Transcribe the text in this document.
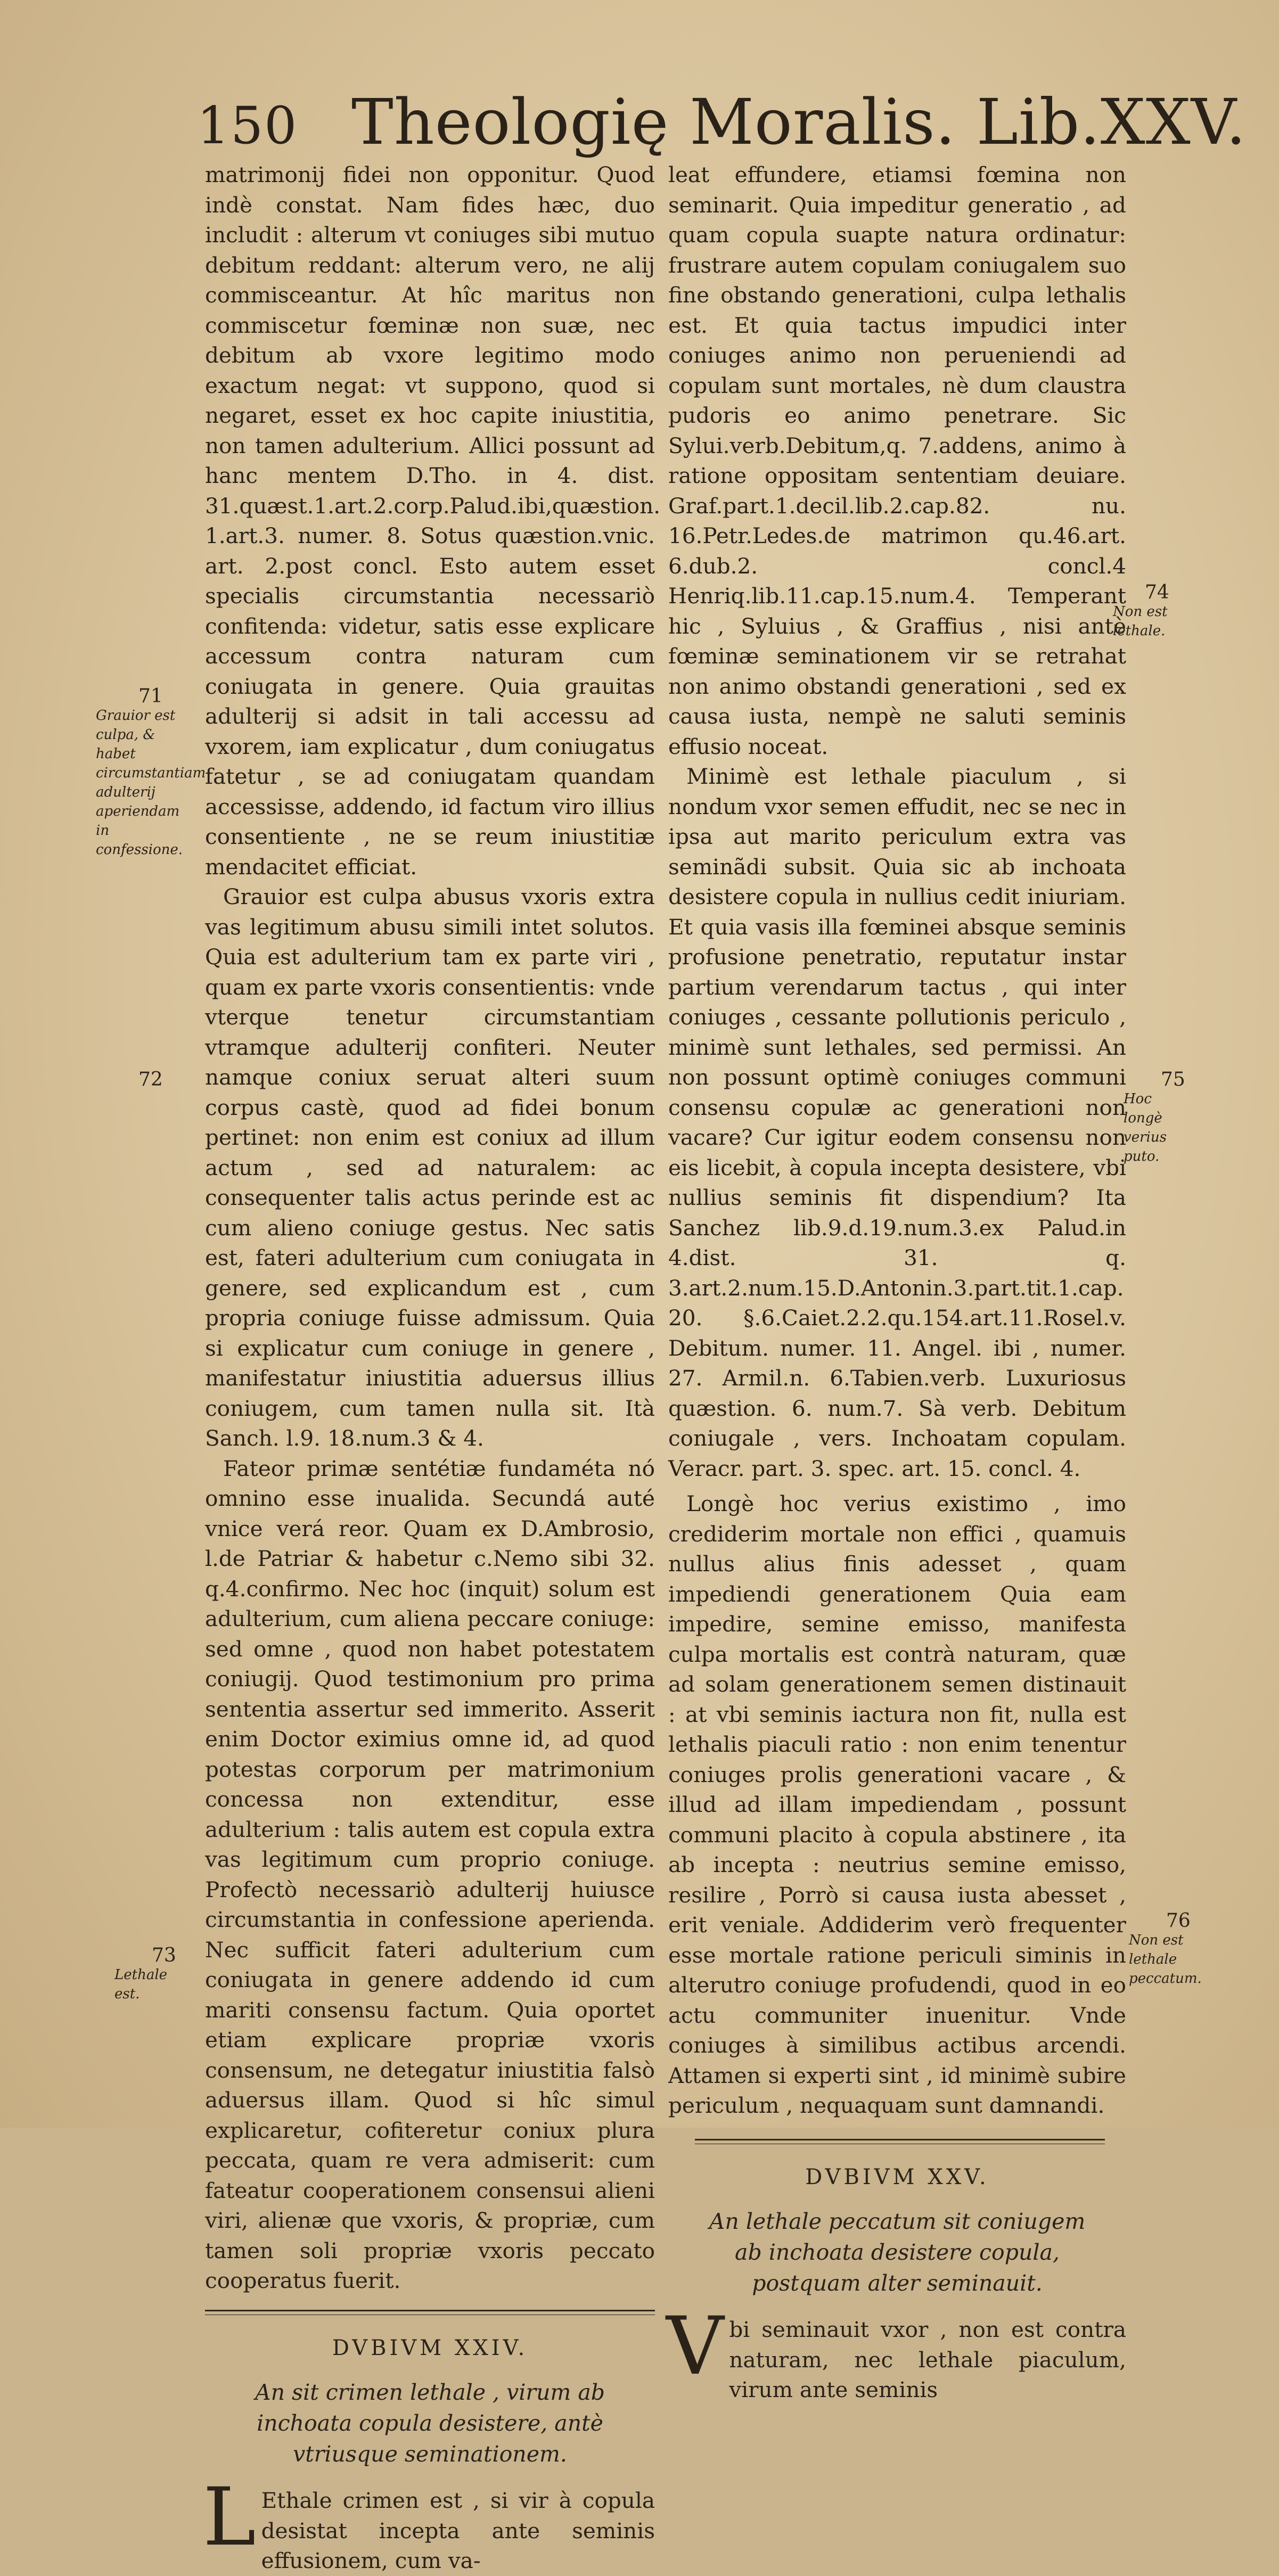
150 Theologię Moralis. Lib.XXV.

matrimonij fidei non opponitur. Quod indè constat. Nam fides hæc, duo includit : alterum vt coniuges sibi mutuo debitum reddant: alterum vero, ne alij commisceantur. At hîc maritus non commiscetur fœminæ non suæ, nec debitum ab vxore legitimo modo exactum negat: vt suppono, quod si negaret, esset ex hoc capite iniustitia, non tamen adulterium. Allici possunt ad hanc mentem D.Tho. in 4. dist. 31.quæst.1.art.2.corp.Palud.ibi,quæstion. 1.art.3. numer. 8. Sotus quæstion.vnic. art. 2.post concl. Esto autem esset specialis circumstantia necessariò confitenda: videtur, satis esse explicare accessum contra naturam cum coniugata in genere. Quia grauitas adulterij si adsit in tali accessu ad vxorem, iam explicatur , dum coniugatus fatetur , se ad coniugatam quandam accessisse, addendo, id factum viro illius consentiente , ne se reum iniustitiæ mendacitet efficiat.

Grauior est culpa abusus vxoris extra vas legitimum abusu simili intet solutos. Quia est adulterium tam ex parte viri , quam ex parte vxoris consentientis: vnde vterque tenetur circumstantiam vtramque adulterij confiteri. Neuter namque coniux seruat alteri suum corpus castè, quod ad fidei bonum pertinet: non enim est coniux ad illum actum , sed ad naturalem: ac consequenter talis actus perinde est ac cum alieno coniuge gestus. Nec satis est, fateri adulterium cum coniugata in genere, sed explicandum est , cum propria coniuge fuisse admissum. Quia si explicatur cum coniuge in genere , manifestatur iniustitia aduersus illius coniugem, cum tamen nulla sit. Ità Sanch. l.9. 18.num.3 & 4.

Fateor primæ sentétiæ fundaméta nó omnino esse inualida. Secundá auté vnice verá reor. Quam ex D.Ambrosio, l.de Patriar & habetur c.Nemo sibi 32. q.4.confirmo. Nec hoc (inquit) solum est adulterium, cum aliena peccare coniuge: sed omne , quod non habet potestatem coniugij. Quod testimonium pro prima sententia assertur sed immerito. Asserit enim Doctor eximius omne id, ad quod potestas corporum per matrimonium concessa non extenditur, esse adulterium : talis autem est copula extra vas legitimum cum proprio coniuge. Profectò necessariò adulterij huiusce circumstantia in confessione aperienda. Nec sufficit fateri adulterium cum coniugata in genere addendo id cum mariti consensu factum. Quia oportet etiam explicare propriæ vxoris consensum, ne detegatur iniustitia falsò aduersus illam. Quod si hîc simul explicaretur, cofiteretur coniux plura peccata, quam re vera admiserit: cum fateatur cooperationem consensui alieni viri, alienæ que vxoris, & propriæ, cum tamen soli propriæ vxoris peccato cooperatus fuerit.

DVBIVM XXIV.

An sit crimen lethale , virum ab inchoata copula desistere, antè vtriusque seminationem.

L Ethale crimen est , si vir à copula desistat incepta ante seminis effusionem, cum va-

leat effundere, etiamsi fœmina non seminarit. Quia impeditur generatio , ad quam copula suapte natura ordinatur: frustrare autem copulam coniugalem suo fine obstando generationi, culpa lethalis est. Et quia tactus impudici inter coniuges animo non perueniendi ad copulam sunt mortales, nè dum claustra pudoris eo animo penetrare. Sic Sylui.verb.Debitum,q. 7.addens, animo à ratione oppositam sententiam deuiare. Graf.part.1.decil.lib.2.cap.82. nu. 16.Petr.Ledes.de matrimon qu.46.art. 6.dub.2. concl.4 Henriq.lib.11.cap.15.num.4. Temperant hic , Syluius , & Graffius , nisi antè fœminæ seminationem vir se retrahat non animo obstandi generationi , sed ex causa iusta, nempè ne saluti seminis effusio noceat.

Minimè est lethale piaculum , si nondum vxor semen effudit, nec se nec in ipsa aut marito periculum extra vas seminãdi subsit. Quia sic ab inchoata desistere copula in nullius cedit iniuriam. Et quia vasis illa fœminei absque seminis profusione penetratio, reputatur instar partium verendarum tactus , qui inter coniuges , cessante pollutionis periculo , minimè sunt lethales, sed permissi. An non possunt optimè coniuges communi consensu copulæ ac generationi non vacare? Cur igitur eodem consensu non eis licebit, à copula incepta desistere, vbi nullius seminis fit dispendium? Ita Sanchez lib.9.d.19.num.3.ex Palud.in 4.dist. 31. q. 3.art.2.num.15.D.Antonin.3.part.tit.1.cap. 20. §.6.Caiet.2.2.qu.154.art.11.Rosel.v. Debitum. numer. 11. Angel. ibi , numer. 27. Armil.n. 6.Tabien.verb. Luxuriosus quæstion. 6. num.7. Sà verb. Debitum coniugale , vers. Inchoatam copulam. Veracr. part. 3. spec. art. 15. concl. 4.

Longè hoc verius existimo , imo crediderim mortale non effici , quamuis nullus alius finis adesset , quam impediendi generationem Quia eam impedire, semine emisso, manifesta culpa mortalis est contrà naturam, quæ ad solam generationem semen distinauit : at vbi seminis iactura non fit, nulla est lethalis piaculi ratio : non enim tenentur coniuges prolis generationi vacare , & illud ad illam impediendam , possunt communi placito à copula abstinere , ita ab incepta : neutrius semine emisso, resilire , Porrò si causa iusta abesset , erit veniale. Addiderim verò frequenter esse mortale ratione periculi siminis in alterutro coniuge profudendi, quod in eo actu communiter inuenitur. Vnde coniuges à similibus actibus arcendi. Attamen si experti sint , id minimè subire periculum , nequaquam sunt damnandi.

DVBIVM XXV.

An lethale peccatum sit coniugem ab inchoata desistere copula, postquam alter seminauit.

Vbi seminauit vxor , non est contra naturam, nec lethale piaculum, virum ante seminis

71
Grauior est culpa, & habet circumstantiam adulterij aperiendam in confessione.
72
73
Lethale est.
74
Non est lethale.
75
Hoc longè verius puto.
76
Non est lethale peccatum.
